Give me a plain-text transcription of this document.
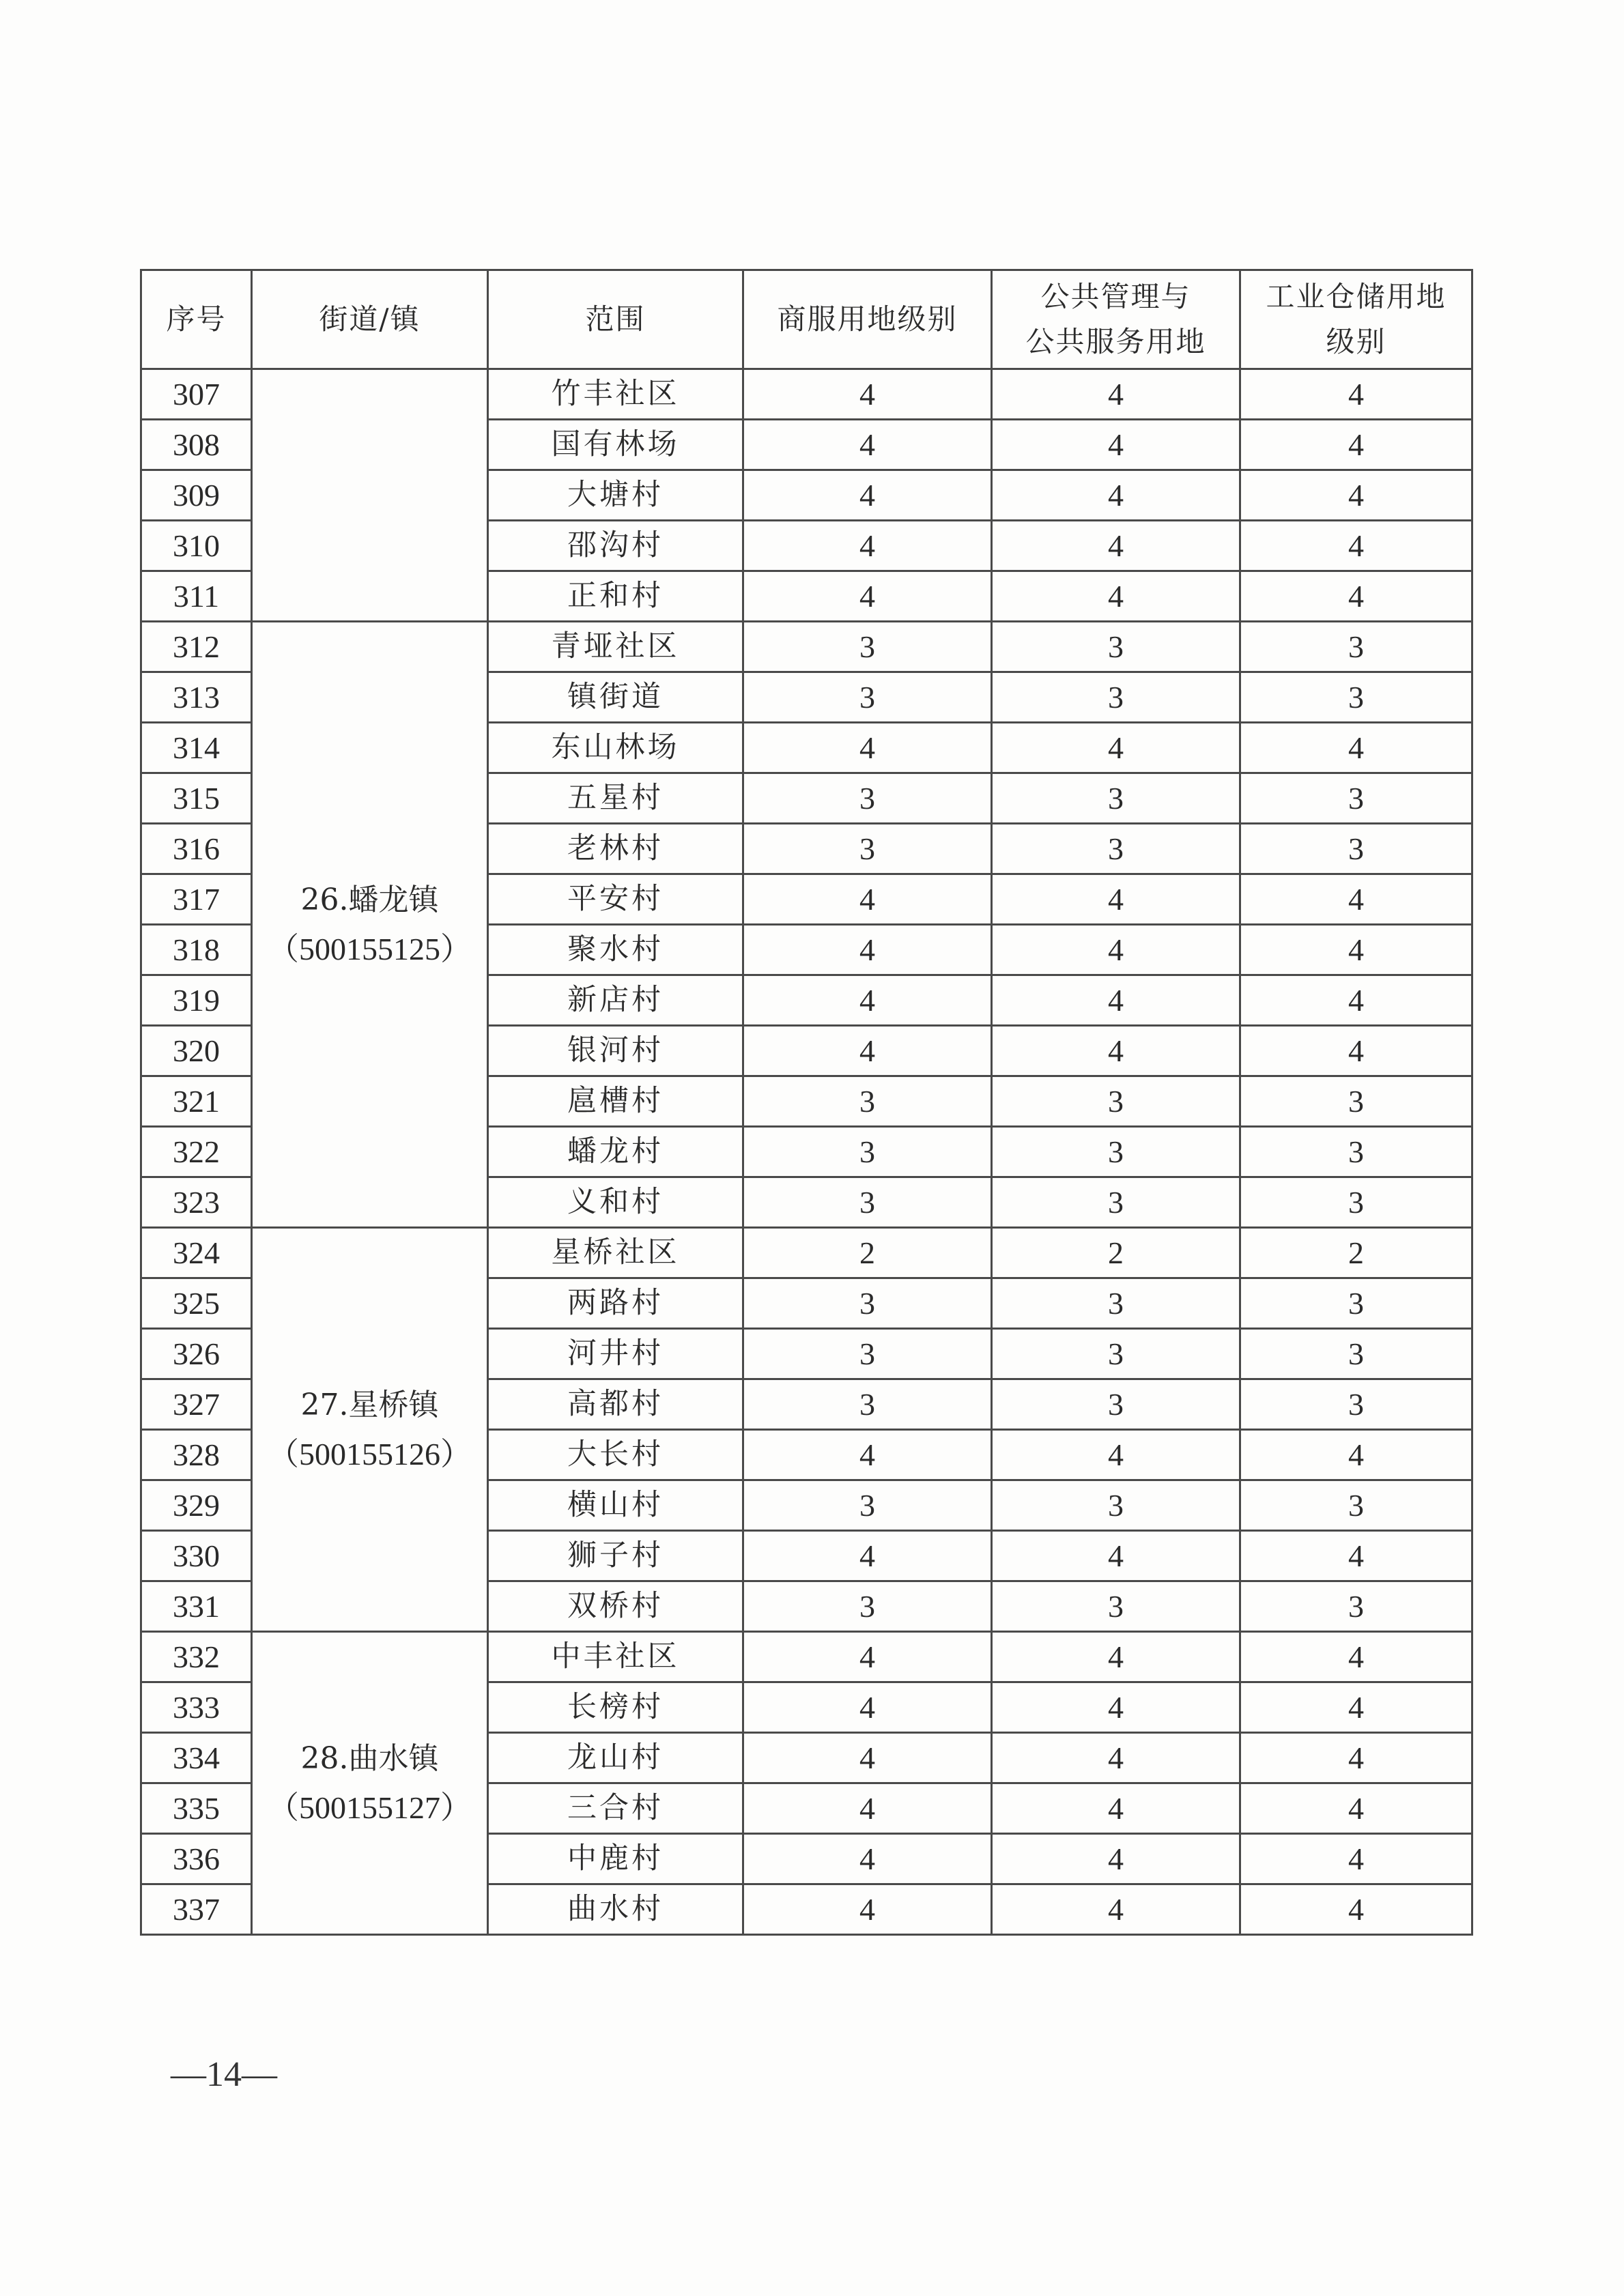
序号	街道/镇	范围	商服用地级别	公共管理与
公共服务用地	工业仓储用地
级别
307		竹丰社区	4	4	4
308		国有林场	4	4	4
309		大塘村	4	4	4
310		邵沟村	4	4	4
311		正和村	4	4	4
312	26.蟠龙镇
（500155125）	青垭社区	3	3	3
313		镇街道	3	3	3
314		东山林场	4	4	4
315		五星村	3	3	3
316		老林村	3	3	3
317		平安村	4	4	4
318		聚水村	4	4	4
319		新店村	4	4	4
320		银河村	4	4	4
321		扈槽村	3	3	3
322		蟠龙村	3	3	3
323		义和村	3	3	3
324	27.星桥镇
（500155126）	星桥社区	2	2	2
325		两路村	3	3	3
326		河井村	3	3	3
327		高都村	3	3	3
328		大长村	4	4	4
329		横山村	3	3	3
330		狮子村	4	4	4
331		双桥村	3	3	3
332	28.曲水镇
（500155127）	中丰社区	4	4	4
333		长榜村	4	4	4
334		龙山村	4	4	4
335		三合村	4	4	4
336		中鹿村	4	4	4
337		曲水村	4	4	4
—14—
